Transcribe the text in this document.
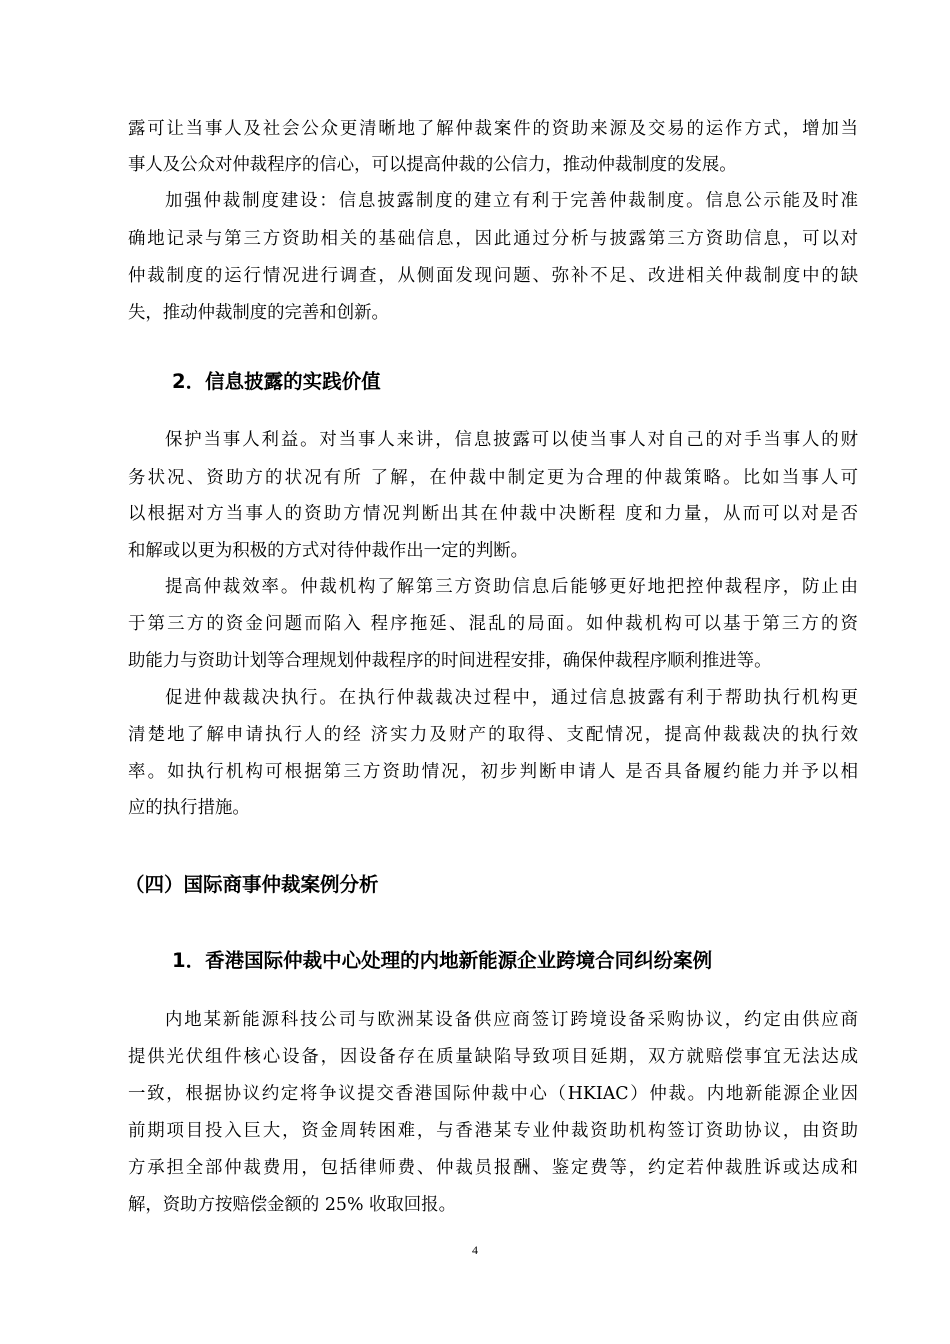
露可让当事人及社会公众更清晰地了解仲裁案件的资助来源及交易的运作方式，增加当
事人及公众对仲裁程序的信心，可以提高仲裁的公信力，推动仲裁制度的发展。
加强仲裁制度建设：信息披露制度的建立有利于完善仲裁制度。信息公示能及时准
确地记录与第三方资助相关的基础信息，因此通过分析与披露第三方资助信息，可以对
仲裁制度的运行情况进行调查，从侧面发现问题、弥补不足、改进相关仲裁制度中的缺
失，推动仲裁制度的完善和创新。
2．信息披露的实践价值
保护当事人利益。对当事人来讲，信息披露可以使当事人对自己的对手当事人的财
务状况、资助方的状况有所 了解，在仲裁中制定更为合理的仲裁策略。比如当事人可
以根据对方当事人的资助方情况判断出其在仲裁中决断程 度和力量，从而可以对是否
和解或以更为积极的方式对待仲裁作出一定的判断。
提高仲裁效率。仲裁机构了解第三方资助信息后能够更好地把控仲裁程序，防止由
于第三方的资金问题而陷入 程序拖延、混乱的局面。如仲裁机构可以基于第三方的资
助能力与资助计划等合理规划仲裁程序的时间进程安排，确保仲裁程序顺利推进等。
促进仲裁裁决执行。在执行仲裁裁决过程中，通过信息披露有利于帮助执行机构更
清楚地了解申请执行人的经 济实力及财产的取得、支配情况，提高仲裁裁决的执行效
率。如执行机构可根据第三方资助情况，初步判断申请人 是否具备履约能力并予以相
应的执行措施。
（四）国际商事仲裁案例分析
1．香港国际仲裁中心处理的内地新能源企业跨境合同纠纷案例
内地某新能源科技公司与欧洲某设备供应商签订跨境设备采购协议，约定由供应商
提供光伏组件核心设备，因设备存在质量缺陷导致项目延期，双方就赔偿事宜无法达成
一致，根据协议约定将争议提交香港国际仲裁中心（HKIAC）仲裁。内地新能源企业因
前期项目投入巨大，资金周转困难，与香港某专业仲裁资助机构签订资助协议，由资助
方承担全部仲裁费用，包括律师费、仲裁员报酬、鉴定费等，约定若仲裁胜诉或达成和
解，资助方按赔偿金额的 25% 收取回报。
4
